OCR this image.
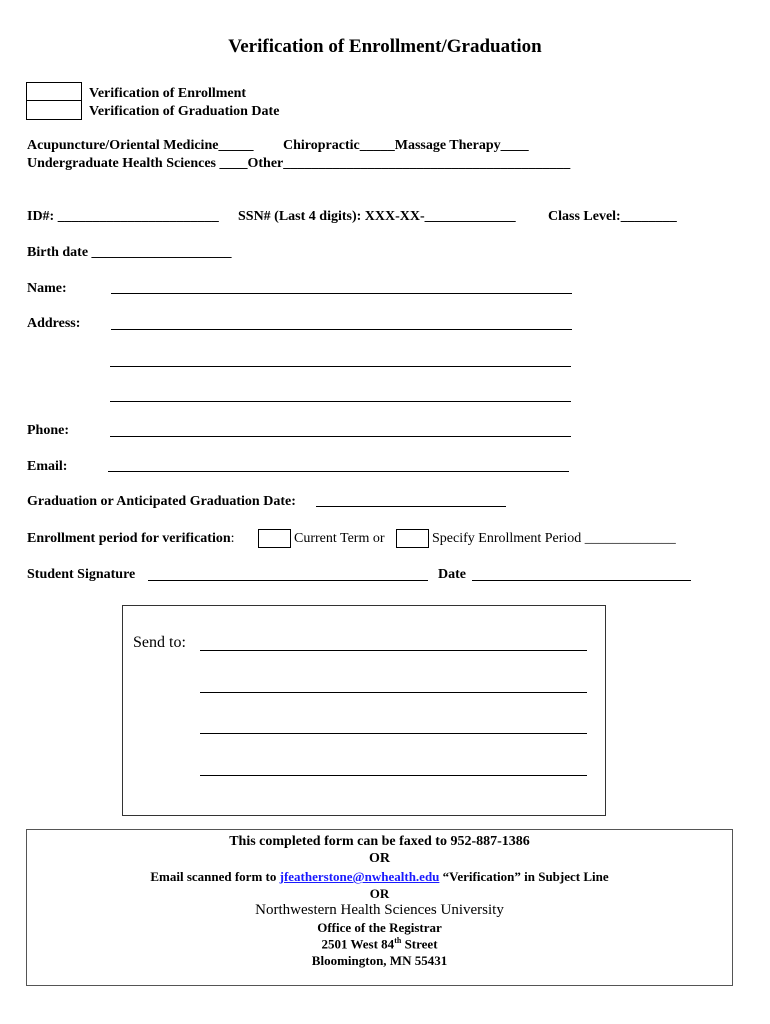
Verification of Enrollment/Graduation
Verification of Enrollment
Verification of Graduation Date
Acupuncture/Oriental Medicine_____ Chiropractic_____Massage Therapy____
Undergraduate Health Sciences ____Other_________________________________________
ID#: _______________________ SSN# (Last 4 digits): XXX-XX-_____________ Class Level:________
Birth date ____________________
Name:
Address:
Phone:
Email:
Graduation or Anticipated Graduation Date:
Enrollment period for verification:	Current Term or	Specify Enrollment Period _____________
Student Signature	Date
Send to:
This completed form can be faxed to 952-887-1386
OR
Email scanned form to jfeatherstone@nwhealth.edu “Verification” in Subject Line
OR
Northwestern Health Sciences University
Office of the Registrar
2501 West 84th Street
Bloomington, MN 55431
